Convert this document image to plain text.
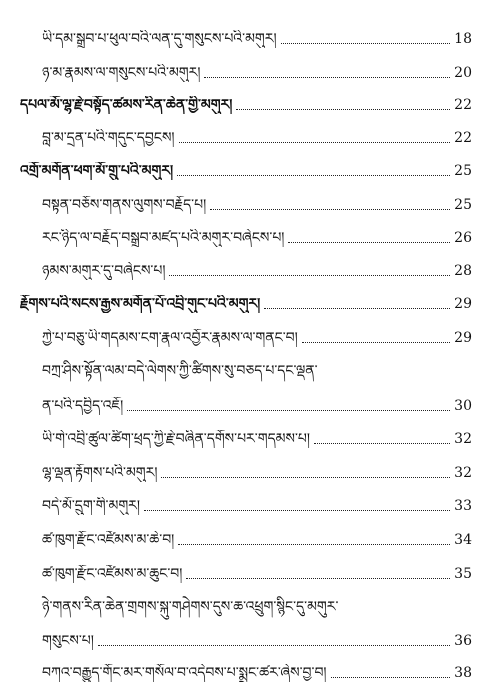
ཡི་དམ་སྒྲུབ་པ་ཕུལ་བའི་ལན་དུ་གསུངས་པའི་མགུར།	18
ཉ་མ་རྣམས་ལ་གསུངས་པའི་མགུར།	20
དཔལ་མོ་ལྷ་རྗེ་བསྟོད་ཚམས་རིན་ཆེན་གྱི་མགུར།	22
བླ་མ་དྲན་པའི་གདུང་དབྱངས།	22
འགྲོ་མགོན་ཕག་མོ་གྲུ་པའི་མགུར།	25
བསྟན་བཅོས་གནས་ལུགས་བརྗོད་པ།	25
རང་ཉིད་ལ་བརྗོད་བསྒྲུབ་མཛད་པའི་མགུར་བཞེངས་པ།	26
ཉམས་མགུར་དུ་བཞེངས་པ།	28
རྗོགས་པའི་སངས་རྒྱས་མགོན་པོ་འབྲི་གུང་པའི་མགུར།	29
ཀྱེ་པ་བཅུ་ཡི་གདམས་ངག་རྣལ་འབྱོར་རྣམས་ལ་གནང་བ།	29
བཀྲ་ཤིས་སྟོན་ལམ་བདེ་ལེགས་ཀྱི་ཚིགས་སུ་བཅད་པ་དང་ལྡན་
ན་པའི་དབྱིད་འཇོ།	30
ཡི་གེ་འབྲི་ཚུལ་ཚིག་ཕྲད་ཀྱི་རྗེ་བཞིན་དགོས་པར་གདམས་པ།	32
ལྷ་ལྡན་རྟོགས་པའི་མགུར།	32
བདེ་མོ་དྲུག་གི་མགུར།	33
ཚ་ཁུག་རྫོང་འཛོམས་མ་ཆེ་བ།	34
ཚ་ཁུག་རྫོང་འཛོམས་མ་ཆུང་བ།	35
ཉེ་གནས་རིན་ཆེན་གྲགས་སྐུ་གཤེགས་དུས་ཆ་འཕྲུག་སྙིང་དུ་མགུར་
གསུངས་པ།	36
བཀའ་བརྒྱུད་གོང་མར་གསོལ་བ་འདེབས་པ་སྨྲང་ཚར་ཞེས་བྱ་བ།	38
